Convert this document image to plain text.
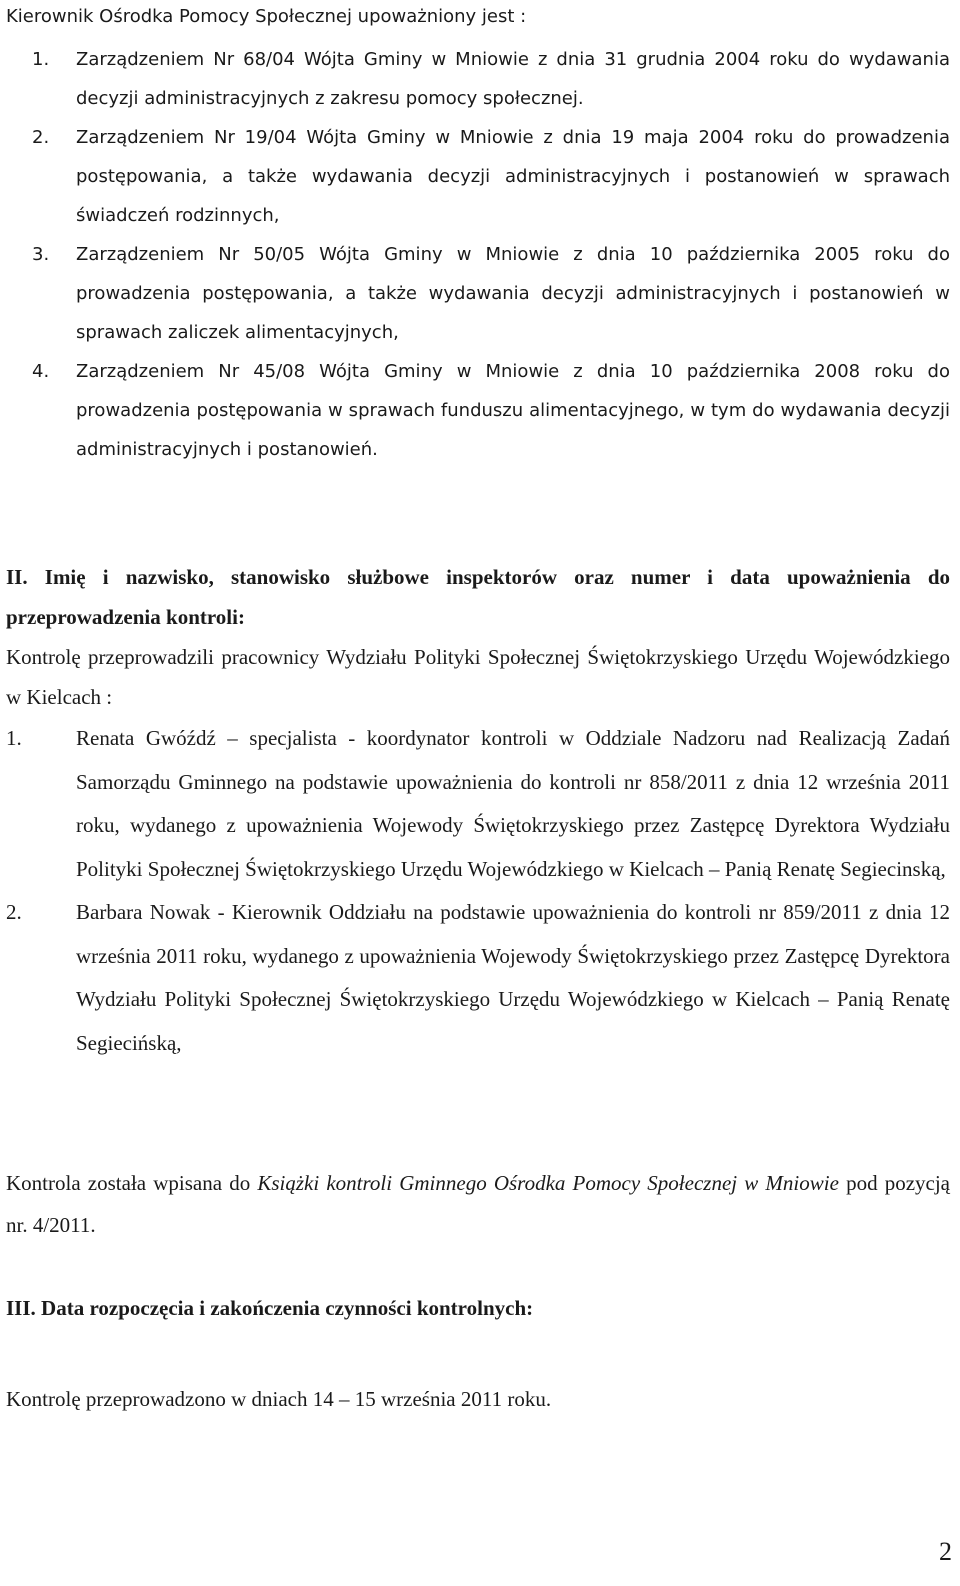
Kierownik Ośrodka Pomocy Społecznej upoważniony jest :

1. Zarządzeniem Nr 68/04 Wójta Gminy w Mniowie z dnia 31 grudnia 2004 roku do wydawania decyzji administracyjnych z zakresu pomocy społecznej.
2. Zarządzeniem Nr 19/04 Wójta Gminy w Mniowie z dnia 19 maja 2004 roku do prowadzenia postępowania, a także wydawania decyzji administracyjnych i postanowień w sprawach świadczeń rodzinnych,
3. Zarządzeniem Nr 50/05 Wójta Gminy w Mniowie z dnia 10 października 2005 roku do prowadzenia postępowania, a także wydawania decyzji administracyjnych i postanowień w sprawach zaliczek alimentacyjnych,
4. Zarządzeniem Nr 45/08 Wójta Gminy w Mniowie z dnia 10 października 2008 roku do prowadzenia postępowania w sprawach funduszu alimentacyjnego, w tym do wydawania decyzji administracyjnych i postanowień.

II. Imię i nazwisko, stanowisko służbowe inspektorów oraz numer i data upoważnienia do przeprowadzenia kontroli:

Kontrolę przeprowadzili pracownicy Wydziału Polityki Społecznej Świętokrzyskiego Urzędu Wojewódzkiego w Kielcach :

1.	Renata Gwóźdź – specjalista - koordynator kontroli w Oddziale Nadzoru nad Realizacją Zadań Samorządu Gminnego na podstawie upoważnienia do kontroli nr 858/2011 z dnia 12 września 2011 roku, wydanego z upoważnienia Wojewody Świętokrzyskiego przez Zastępcę Dyrektora Wydziału Polityki Społecznej Świętokrzyskiego Urzędu Wojewódzkiego w Kielcach – Panią Renatę Segiecinską,
2.	Barbara Nowak - Kierownik Oddziału na podstawie upoważnienia do kontroli nr 859/2011 z dnia 12 września 2011 roku, wydanego z upoważnienia Wojewody Świętokrzyskiego przez Zastępcę Dyrektora Wydziału Polityki Społecznej Świętokrzyskiego Urzędu Wojewódzkiego w Kielcach – Panią Renatę Segiecińską,

Kontrola została wpisana do Książki kontroli Gminnego Ośrodka Pomocy Społecznej w Mniowie pod pozycją nr. 4/2011.

III. Data rozpoczęcia i zakończenia czynności kontrolnych:

Kontrolę przeprowadzono w dniach 14 – 15 września 2011 roku.

2
